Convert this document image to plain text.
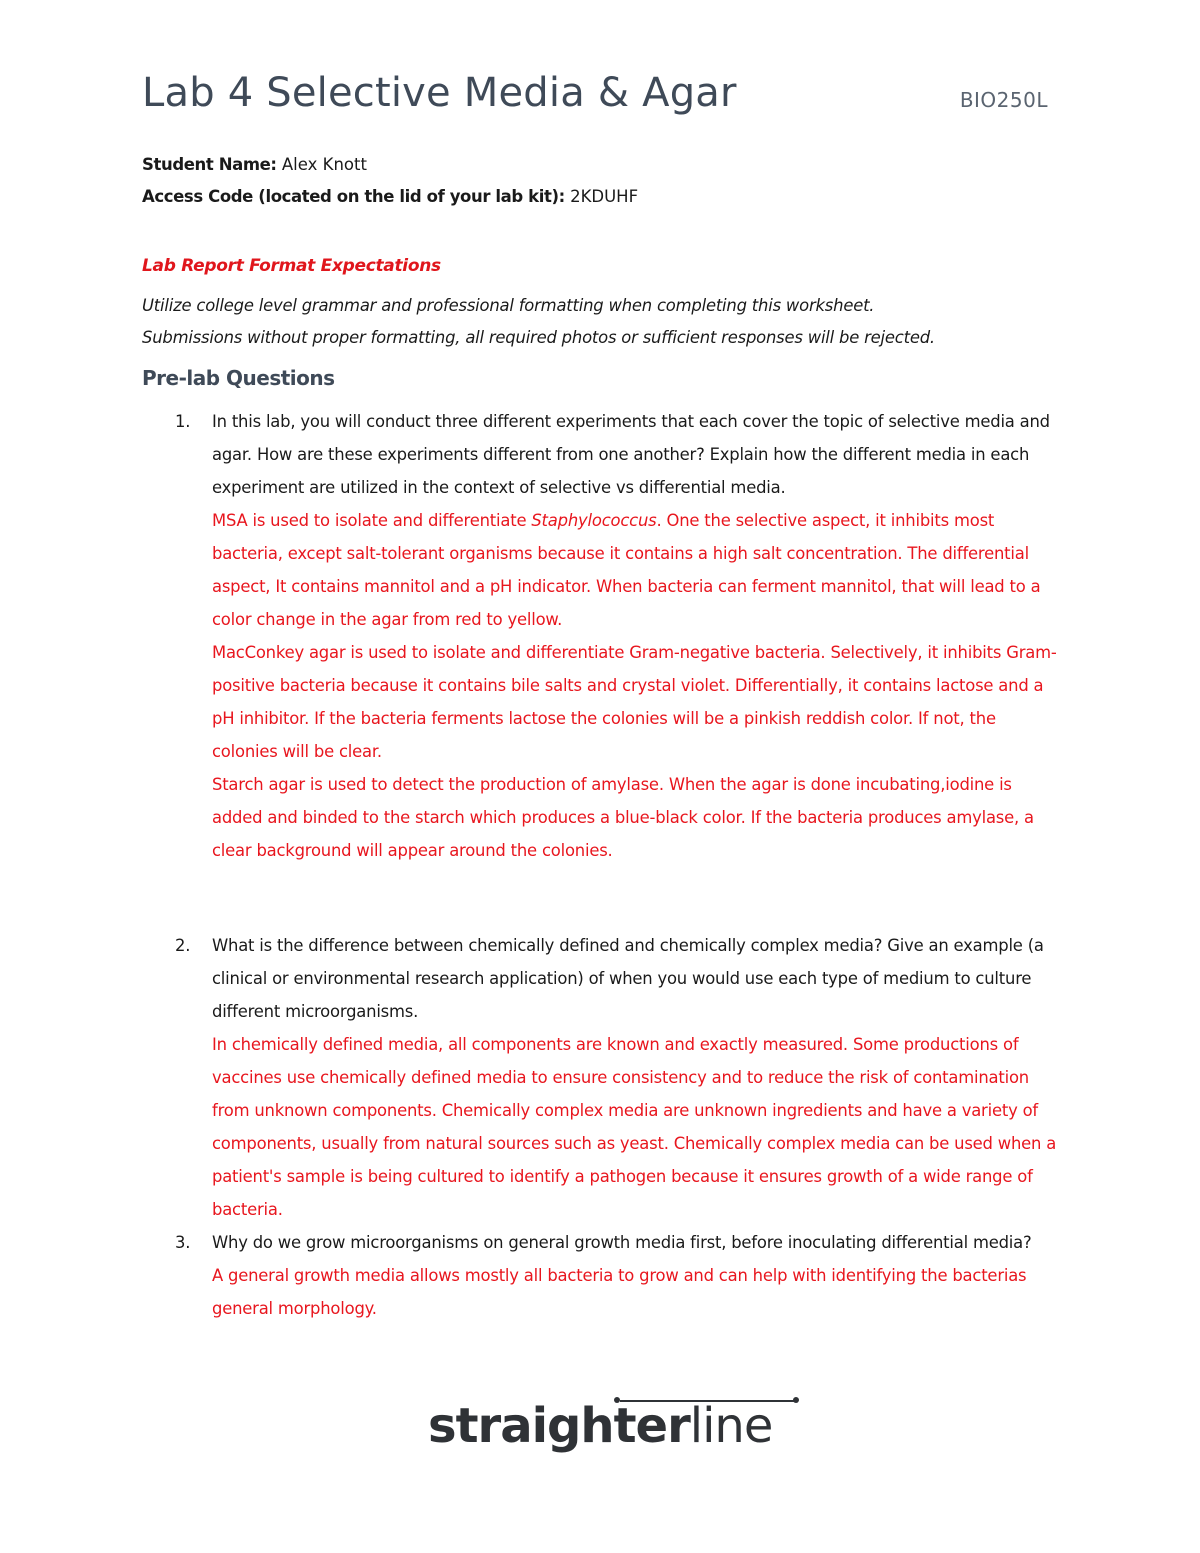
Lab 4 Selective Media & Agar	BIO250L
Student Name: Alex Knott
Access Code (located on the lid of your lab kit): 2KDUHF
Lab Report Format Expectations
Utilize college level grammar and professional formatting when completing this worksheet.
Submissions without proper formatting, all required photos or sufficient responses will be rejected.
Pre-lab Questions
1. In this lab, you will conduct three different experiments that each cover the topic of selective media and agar. How are these experiments different from one another? Explain how the different media in each experiment are utilized in the context of selective vs differential media.

MSA is used to isolate and differentiate Staphylococcus. One the selective aspect, it inhibits most bacteria, except salt-tolerant organisms because it contains a high salt concentration. The differential aspect, It contains mannitol and a pH indicator. When bacteria can ferment mannitol, that will lead to a color change in the agar from red to yellow.

MacConkey agar is used to isolate and differentiate Gram-negative bacteria. Selectively, it inhibits Gram-positive bacteria because it contains bile salts and crystal violet. Differentially, it contains lactose and a pH inhibitor. If the bacteria ferments lactose the colonies will be a pinkish reddish color. If not, the colonies will be clear.

Starch agar is used to detect the production of amylase. When the agar is done incubating,iodine is added and binded to the starch which produces a blue-black color. If the bacteria produces amylase, a clear background will appear around the colonies.

2. What is the difference between chemically defined and chemically complex media? Give an example (a clinical or environmental research application) of when you would use each type of medium to culture different microorganisms.

In chemically defined media, all components are known and exactly measured. Some productions of vaccines use chemically defined media to ensure consistency and to reduce the risk of contamination from unknown components. Chemically complex media are unknown ingredients and have a variety of components, usually from natural sources such as yeast. Chemically complex media can be used when a patient's sample is being cultured to identify a pathogen because it ensures growth of a wide range of bacteria.

3. Why do we grow microorganisms on general growth media first, before inoculating differential media?

A general growth media allows mostly all bacteria to grow and can help with identifying the bacterias general morphology.

straighterline
